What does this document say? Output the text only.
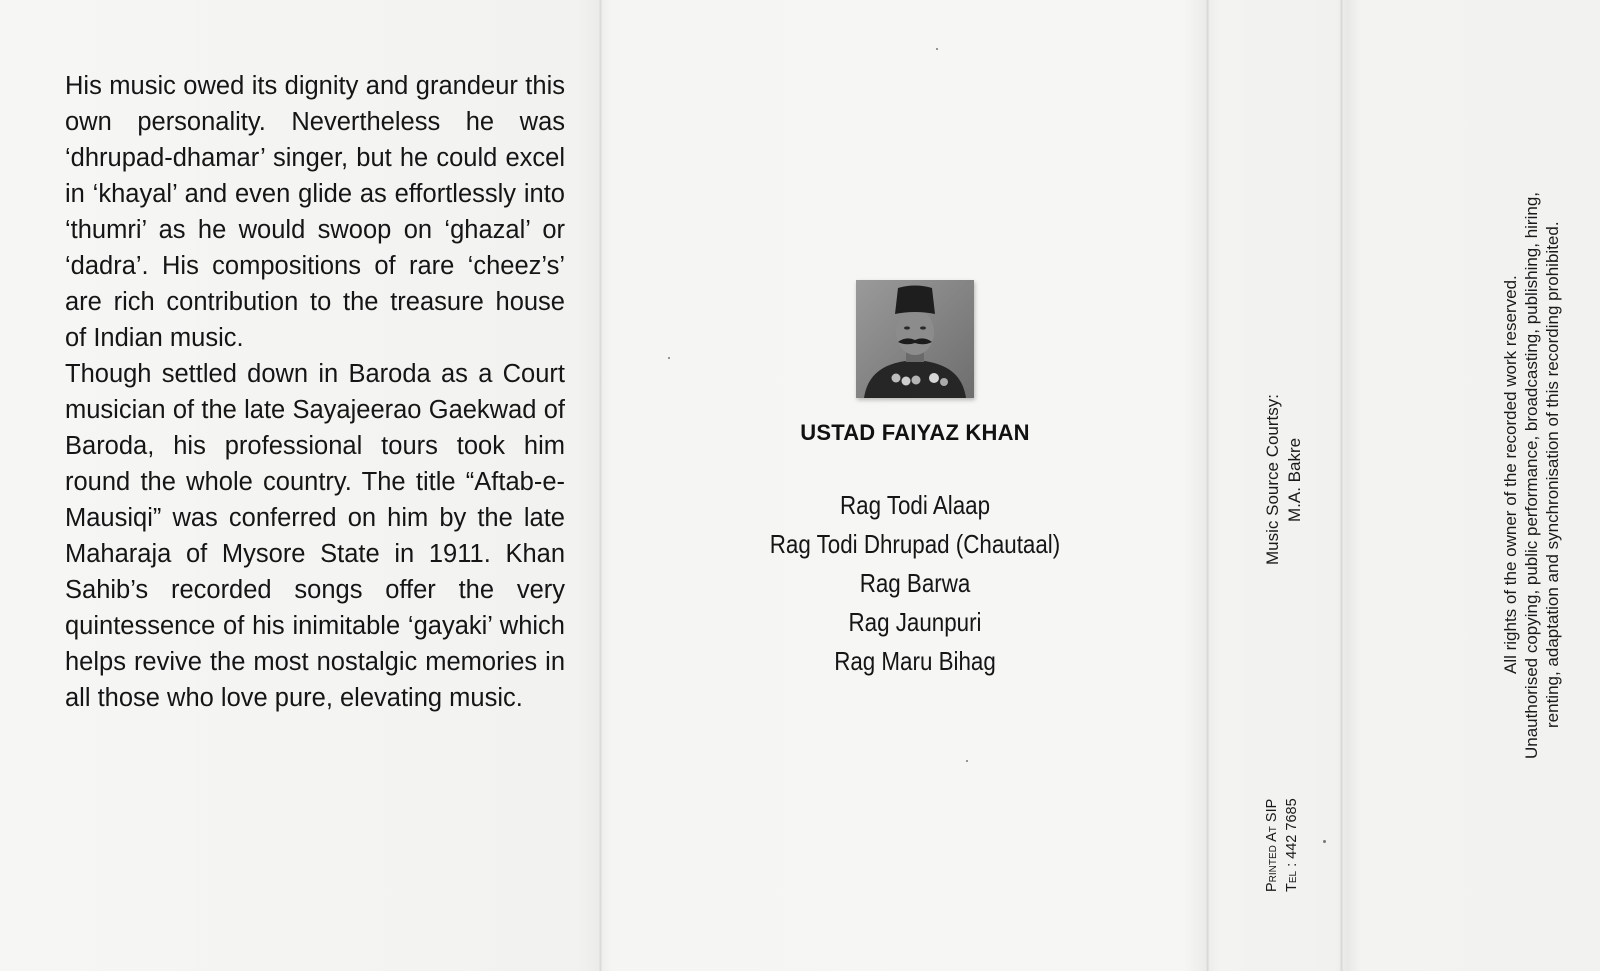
His music owed its dignity and grandeur this own personality. Nevertheless he was ‘dhrupad-dhamar’ singer, but he could excel in ‘khayal’ and even glide as effortlessly into ‘thumri’ as he would swoop on ‘ghazal’ or ‘dadra’. His compositions of rare ‘cheez’s’ are rich contribution to the treasure house of Indian music.

Though settled down in Baroda as a Court musician of the late Sayajeerao Gaekwad of Baroda, his professional tours took him round the whole country. The title “Aftab-e-Mausiqi” was conferred on him by the late Maharaja of Mysore State in 1911. Khan Sahib’s recorded songs offer the very quintessence of his inimitable ‘gayaki’ which helps revive the most nostalgic memories in all those who love pure, elevating music.

USTAD FAIYAZ KHAN
Rag Todi Alaap
Rag Todi Dhrupad (Chautaal)
Rag Barwa
Rag Jaunpuri
Rag Maru Bihag
Music Source Courtsy: M.A. Bakre
Printed At SIP Tel : 442 7685
All rights of the owner of the recorded work reserved. Unauthorised copying, public performance, broadcasting, publishing, hiring, renting, adaptation and synchronisation of this recording prohibited.
